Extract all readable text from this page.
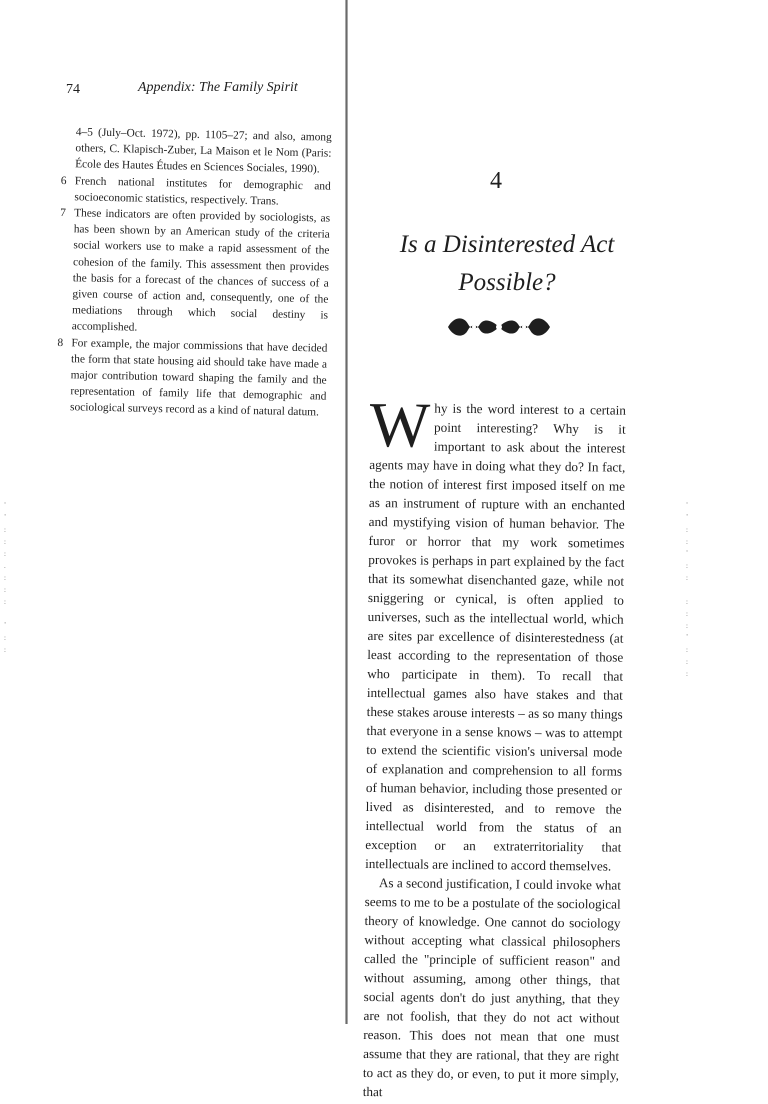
74	Appendix: The Family Spirit
4–5 (July–Oct. 1972), pp. 1105–27; and also, among others, C. Klapisch-Zuber, La Maison et le Nom (Paris: École des Hautes Études en Sciences Sociales, 1990).
6 French national institutes for demographic and socioeconomic statistics, respectively. Trans.
7 These indicators are often provided by sociologists, as has been shown by an American study of the criteria social workers use to make a rapid assessment of the cohesion of the family. This assessment then provides the basis for a forecast of the chances of success of a given course of action and, consequently, one of the mediations through which social destiny is accomplished.
8 For example, the major commissions that have decided the form that state housing aid should take have made a major contribution toward shaping the family and the representation of family life that demographic and sociological surveys record as a kind of natural datum.
ﾟ
ﾞ
:
:
:
.
:
:
:

ﾞ
:
:
4
Is a Disinterested Act
Possible?

Why is the word interest to a certain point interesting? Why is it important to ask about the interest agents may have in doing what they do? In fact, the notion of interest first imposed itself on me as an instrument of rupture with an enchanted and mystifying vision of human behavior. The furor or horror that my work sometimes provokes is perhaps in part explained by the fact that its somewhat disenchanted gaze, while not sniggering or cynical, is often applied to universes, such as the intellectual world, which are sites par excellence of disinterestedness (at least according to the representation of those who participate in them). To recall that intellectual games also have stakes and that these stakes arouse interests – as so many things that everyone in a sense knows – was to attempt to extend the scientific vision's universal mode of explanation and comprehension to all forms of human behavior, including those presented or lived as disinterested, and to remove the intellectual world from the status of an exception or an extraterritoriality that intellectuals are inclined to accord themselves.

As a second justification, I could invoke what seems to me to be a postulate of the sociological theory of knowledge. One cannot do sociology without accepting what classical philosophers called the "principle of sufficient reason" and without assuming, among other things, that social agents don't do just anything, that they are not foolish, that they do not act without reason. This does not mean that one must assume that they are rational, that they are right to act as they do, or even, to put it more simply, that

ﾟ
ﾞ
:
:
ﾟ
:
:

:
:
:
ﾞ
:
:
:
